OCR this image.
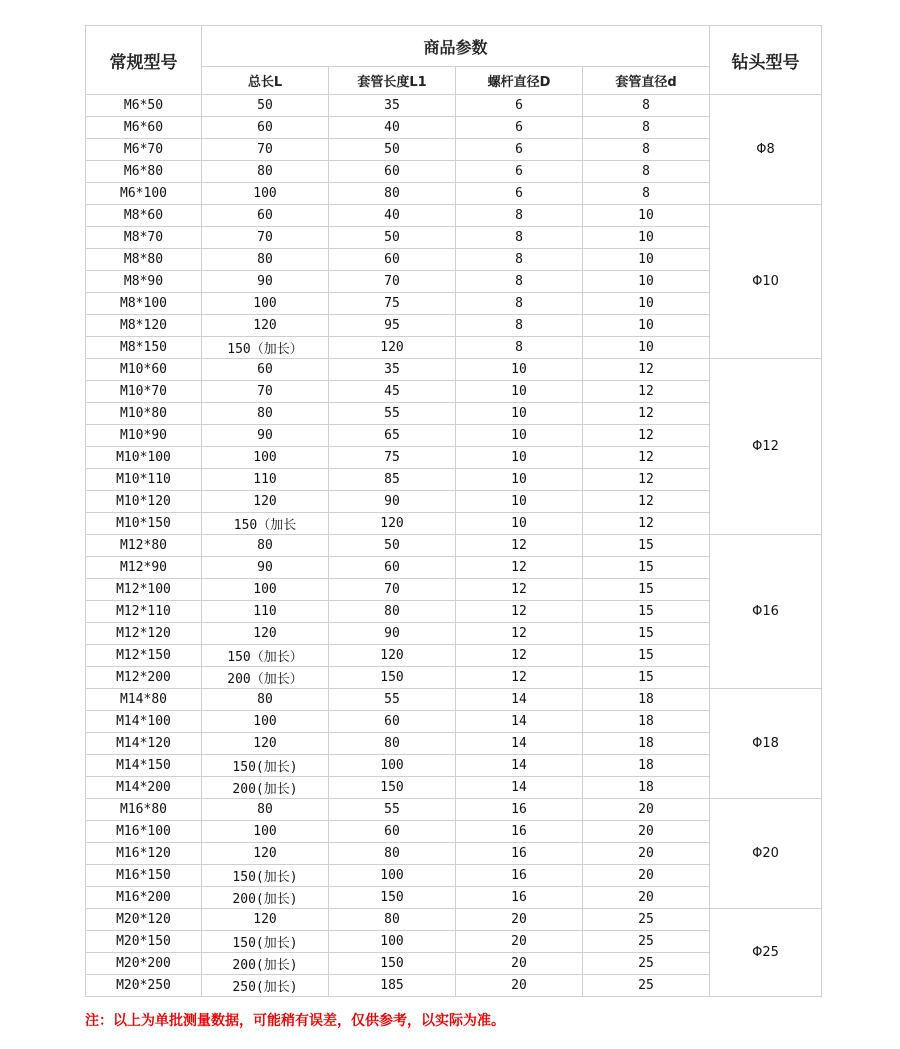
常规型号	商品参数				钻头型号
	总长L	套管长度L1	螺杆直径D	套管直径d	
M6*50	50	35	6	8	Φ8
M6*60	60	40	6	8	
M6*70	70	50	6	8	
M6*80	80	60	6	8	
M6*100	100	80	6	8	
M8*60	60	40	8	10	Φ10
M8*70	70	50	8	10	
M8*80	80	60	8	10	
M8*90	90	70	8	10	
M8*100	100	75	8	10	
M8*120	120	95	8	10	
M8*150	150（加长）	120	8	10	
M10*60	60	35	10	12	Φ12
M10*70	70	45	10	12	
M10*80	80	55	10	12	
M10*90	90	65	10	12	
M10*100	100	75	10	12	
M10*110	110	85	10	12	
M10*120	120	90	10	12	
M10*150	150（加长	120	10	12	
M12*80	80	50	12	15	Φ16
M12*90	90	60	12	15	
M12*100	100	70	12	15	
M12*110	110	80	12	15	
M12*120	120	90	12	15	
M12*150	150（加长）	120	12	15	
M12*200	200（加长）	150	12	15	
M14*80	80	55	14	18	Φ18
M14*100	100	60	14	18	
M14*120	120	80	14	18	
M14*150	150(加长)	100	14	18	
M14*200	200(加长)	150	14	18	
M16*80	80	55	16	20	Φ20
M16*100	100	60	16	20	
M16*120	120	80	16	20	
M16*150	150(加长)	100	16	20	
M16*200	200(加长)	150	16	20	
M20*120	120	80	20	25	Φ25
M20*150	150(加长)	100	20	25	
M20*200	200(加长)	150	20	25	
M20*250	250(加长)	185	20	25	

注：以上为单批测量数据，可能稍有误差，仅供参考，以实际为准。
